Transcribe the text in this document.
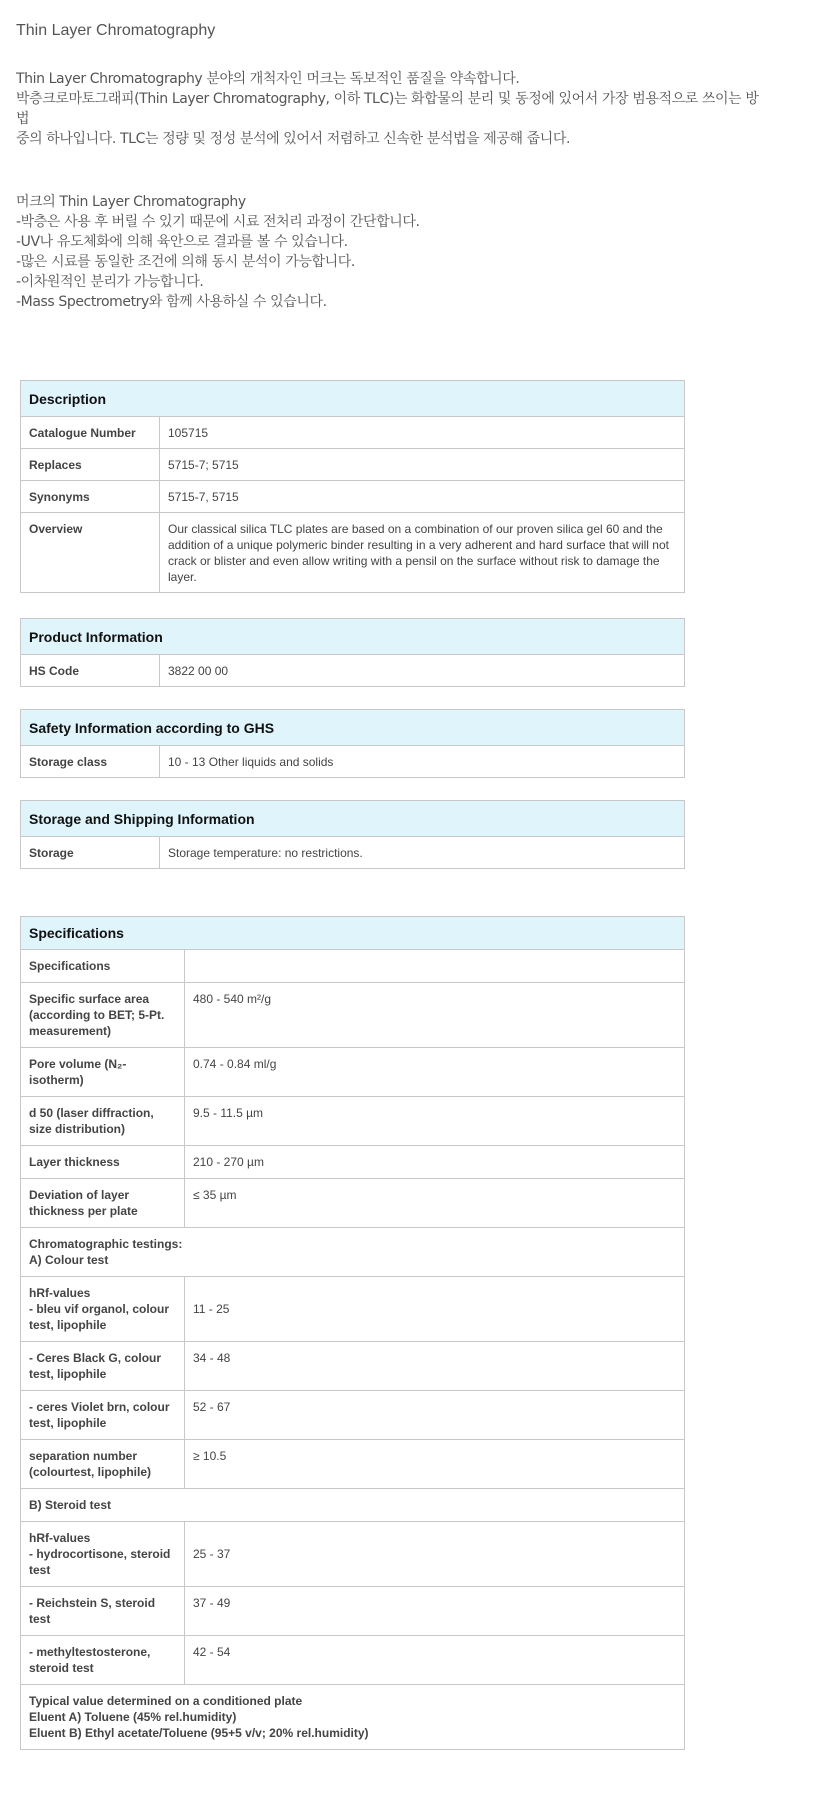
Thin Layer Chromatography
Thin Layer Chromatography 분야의 개척자인 머크는 독보적인 품질을 약속합니다.
박층크로마토그래피(Thin Layer Chromatography, 이하 TLC)는 화합물의 분리 및 동정에 있어서 가장 범용적으로 쓰이는 방
법
중의 하나입니다. TLC는 정량 및 정성 분석에 있어서 저렴하고 신속한 분석법을 제공해 줍니다.
머크의 Thin Layer Chromatography
-박층은 사용 후 버릴 수 있기 때문에 시료 전처리 과정이 간단합니다.
-UV나 유도체화에 의해 육안으로 결과를 볼 수 있습니다.
-많은 시료를 동일한 조건에 의해 동시 분석이 가능합니다.
-이차원적인 분리가 가능합니다.
-Mass Spectrometry와 함께 사용하실 수 있습니다.
Description	
Catalogue Number	105715
Replaces	5715-7; 5715
Synonyms	5715-7, 5715
Overview	Our classical silica TLC plates are based on a combination of our proven silica gel 60 and the addition of a unique polymeric binder resulting in a very adherent and hard surface that will not crack or blister and even allow writing with a pensil on the surface without risk to damage the layer.
Product Information
HS Code	3822 00 00
Safety Information according to GHS
Storage class	10 - 13 Other liquids and solids
Storage and Shipping Information
Storage	Storage temperature: no restrictions.
Specifications	
Specifications	
Specific surface area (according to BET; 5-Pt. measurement)	480 - 540 m²/g
Pore volume (N₂-isotherm)	0.74 - 0.84 ml/g
d 50 (laser diffraction, size distribution)	9.5 - 11.5 µm
Layer thickness	210 - 270 µm
Deviation of layer thickness per plate	≤ 35 µm

Chromatographic testings:
A) Colour test	

hRf-values
- bleu vif organol, colour test, lipophile	11 - 25
- Ceres Black G, colour test, lipophile	34 - 48
- ceres Violet brn, colour test, lipophile	52 - 67
separation number (colourtest, lipophile)	≥ 10.5
B) Steroid test	

hRf-values
- hydrocortisone, steroid test	25 - 37
- Reichstein S, steroid test	37 - 49
- methyltestosterone, steroid test	42 - 54

Typical value determined on a conditioned plate
Eluent A) Toluene (45% rel.humidity)
Eluent B) Ethyl acetate/Toluene (95+5 v/v; 20% rel.humidity)	
